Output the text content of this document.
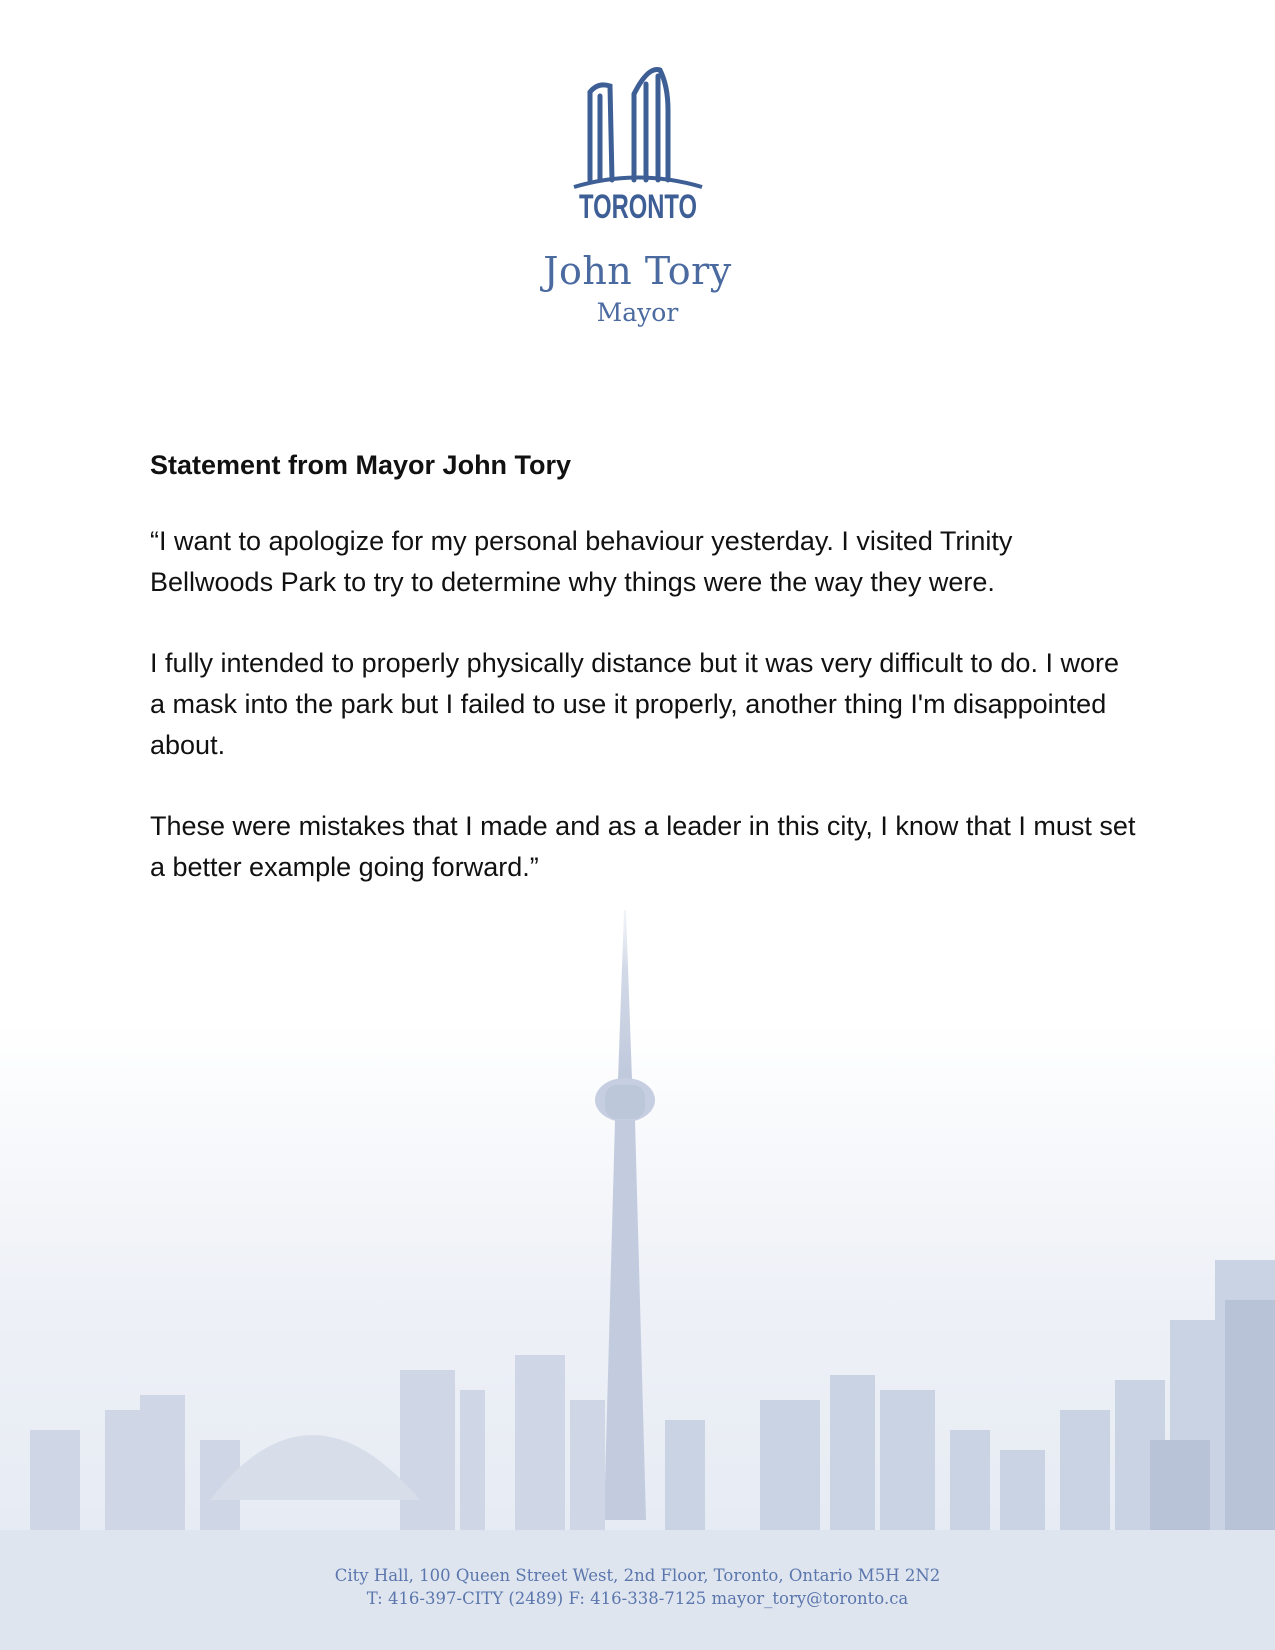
TORONTO
John Tory
Mayor

Statement from Mayor John Tory

“I want to apologize for my personal behaviour yesterday. I visited Trinity Bellwoods Park to try to determine why things were the way they were.

I fully intended to properly physically distance but it was very difficult to do. I wore a mask into the park but I failed to use it properly, another thing I'm disappointed about.

These were mistakes that I made and as a leader in this city, I know that I must set a better example going forward.”

City Hall, 100 Queen Street West, 2nd Floor, Toronto, Ontario M5H 2N2
T: 416-397-CITY (2489) F: 416-338-7125 mayor_tory@toronto.ca
